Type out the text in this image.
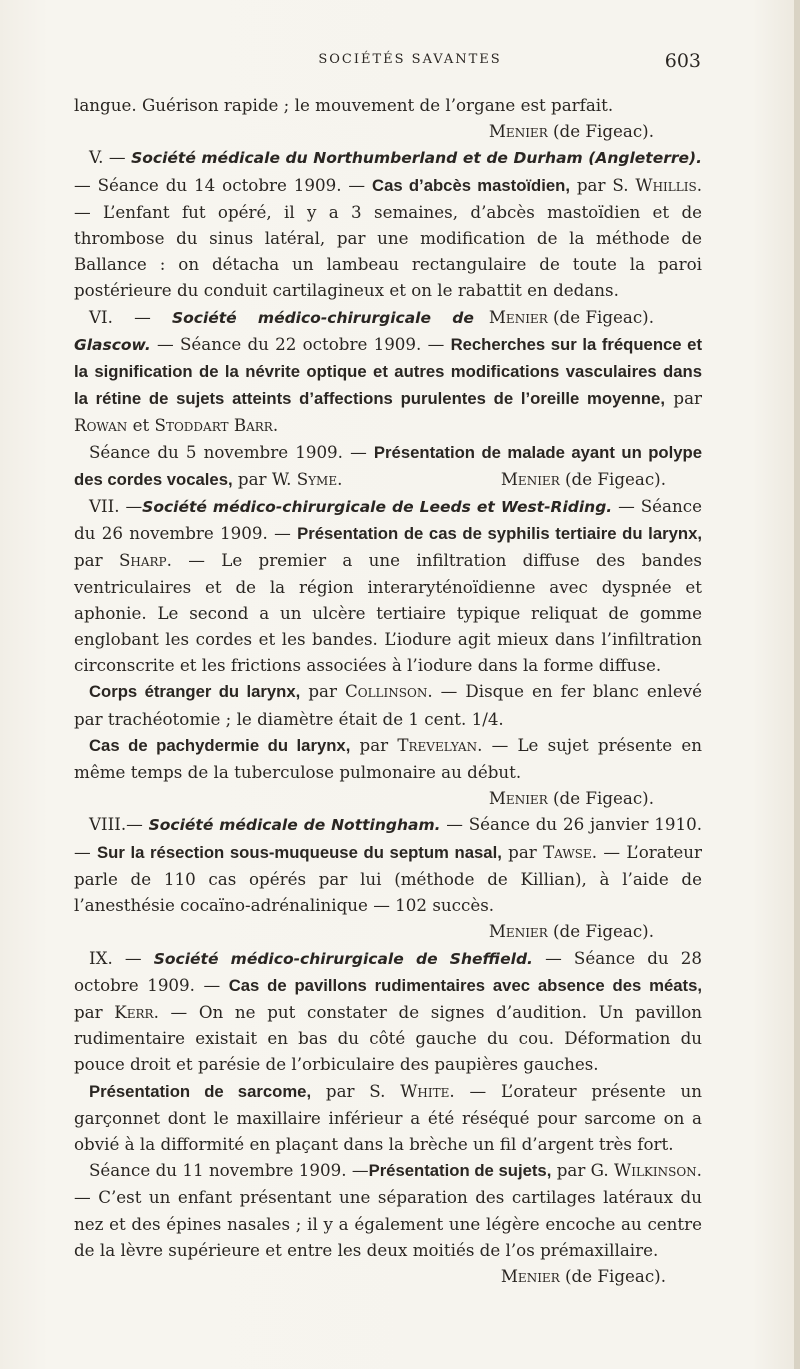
SOCIÉTÉS SAVANTES	603

langue. Guérison rapide ; le mouvement de l’organe est parfait.
Menier (de Figeac).

V. — Société médicale du Northumberland et de Durham (Angleterre). — Séance du 14 octobre 1909. — Cas d’abcès mastoïdien, par S. Whillis. — L’enfant fut opéré, il y a 3 semaines, d’abcès mastoïdien et de thrombose du sinus latéral, par une modification de la méthode de Ballance : on détacha un lambeau rectangulaire de toute la paroi postérieure du conduit cartilagineux et on le rabattit en dedans.
Menier (de Figeac).

VI. — Société médico-chirurgicale de Glascow. — Séance du 22 octobre 1909. — Recherches sur la fréquence et la signification de la névrite optique et autres modifications vasculaires dans la rétine de sujets atteints d’affections purulentes de l’oreille moyenne, par Rowan et Stoddart Barr.

Séance du 5 novembre 1909. — Présentation de malade ayant un polype des cordes vocales, par W. Syme.	Menier (de Figeac).

VII. —Société médico-chirurgicale de Leeds et West-Riding. — Séance du 26 novembre 1909. — Présentation de cas de syphilis tertiaire du larynx, par Sharp. — Le premier a une infiltration diffuse des bandes ventriculaires et de la région interaryténoïdienne avec dyspnée et aphonie. Le second a un ulcère tertiaire typique reliquat de gomme englobant les cordes et les bandes. L’iodure agit mieux dans l’infiltration circonscrite et les frictions associées à l’iodure dans la forme diffuse.

Corps étranger du larynx, par Collinson. — Disque en fer blanc enlevé par trachéotomie ; le diamètre était de 1 cent. 1/4.

Cas de pachydermie du larynx, par Trevelyan. — Le sujet présente en même temps de la tuberculose pulmonaire au début.
Menier (de Figeac).

VIII.— Société médicale de Nottingham. — Séance du 26 janvier 1910. — Sur la résection sous-muqueuse du septum nasal, par Tawse. — L’orateur parle de 110 cas opérés par lui (méthode de Killian), à l’aide de l’anesthésie cocaïno-adrénalinique — 102 succès.
Menier (de Figeac).

IX. — Société médico-chirurgicale de Sheffield. — Séance du 28 octobre 1909. — Cas de pavillons rudimentaires avec absence des méats, par Kerr. — On ne put constater de signes d’audition. Un pavillon rudimentaire existait en bas du côté gauche du cou. Déformation du pouce droit et parésie de l’orbiculaire des paupières gauches.

Présentation de sarcome, par S. White. — L’orateur présente un garçonnet dont le maxillaire inférieur a été réséqué pour sarcome on a obvié à la difformité en plaçant dans la brèche un fil d’argent très fort.

Séance du 11 novembre 1909. —Présentation de sujets, par G. Wilkinson. — C’est un enfant présentant une séparation des cartilages latéraux du nez et des épines nasales ; il y a également une légère encoche au centre de la lèvre supérieure et entre les deux moitiés de l’os prémaxillaire.
Menier (de Figeac).
